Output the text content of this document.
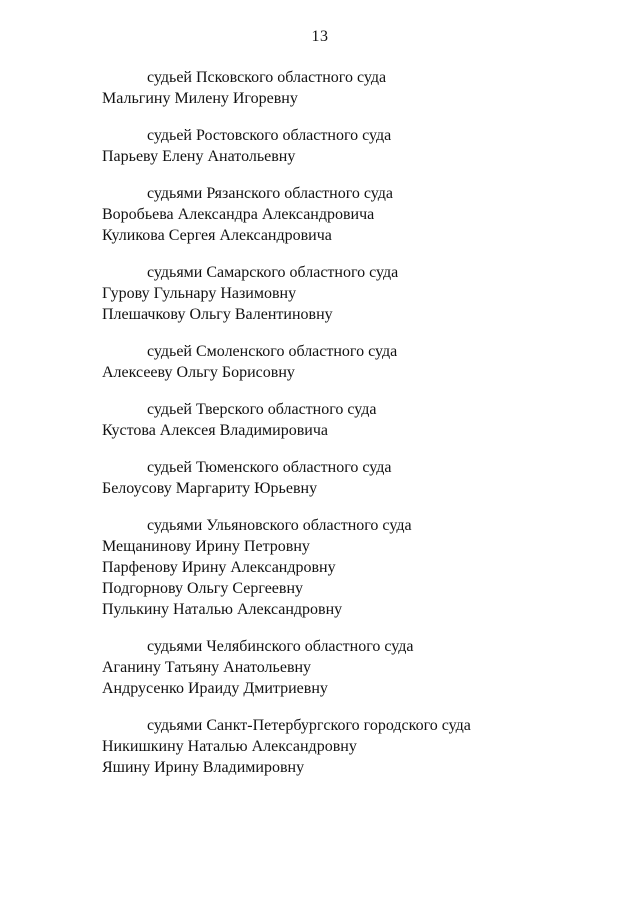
13

судьей Псковского областного суда

Мальгину Милену Игоревну

судьей Ростовского областного суда

Парьеву Елену Анатольевну

судьями Рязанского областного суда

Воробьева Александра Александровича

Куликова Сергея Александровича

судьями Самарского областного суда

Гурову Гульнару Назимовну

Плешачкову Ольгу Валентиновну

судьей Смоленского областного суда

Алексееву Ольгу Борисовну

судьей Тверского областного суда

Кустова Алексея Владимировича

судьей Тюменского областного суда

Белоусову Маргариту Юрьевну

судьями Ульяновского областного суда

Мещанинову Ирину Петровну

Парфенову Ирину Александровну

Подгорнову Ольгу Сергеевну

Пулькину Наталью Александровну

судьями Челябинского областного суда

Аганину Татьяну Анатольевну

Андрусенко Ираиду Дмитриевну

судьями Санкт-Петербургского городского суда

Никишкину Наталью Александровну

Яшину Ирину Владимировну
